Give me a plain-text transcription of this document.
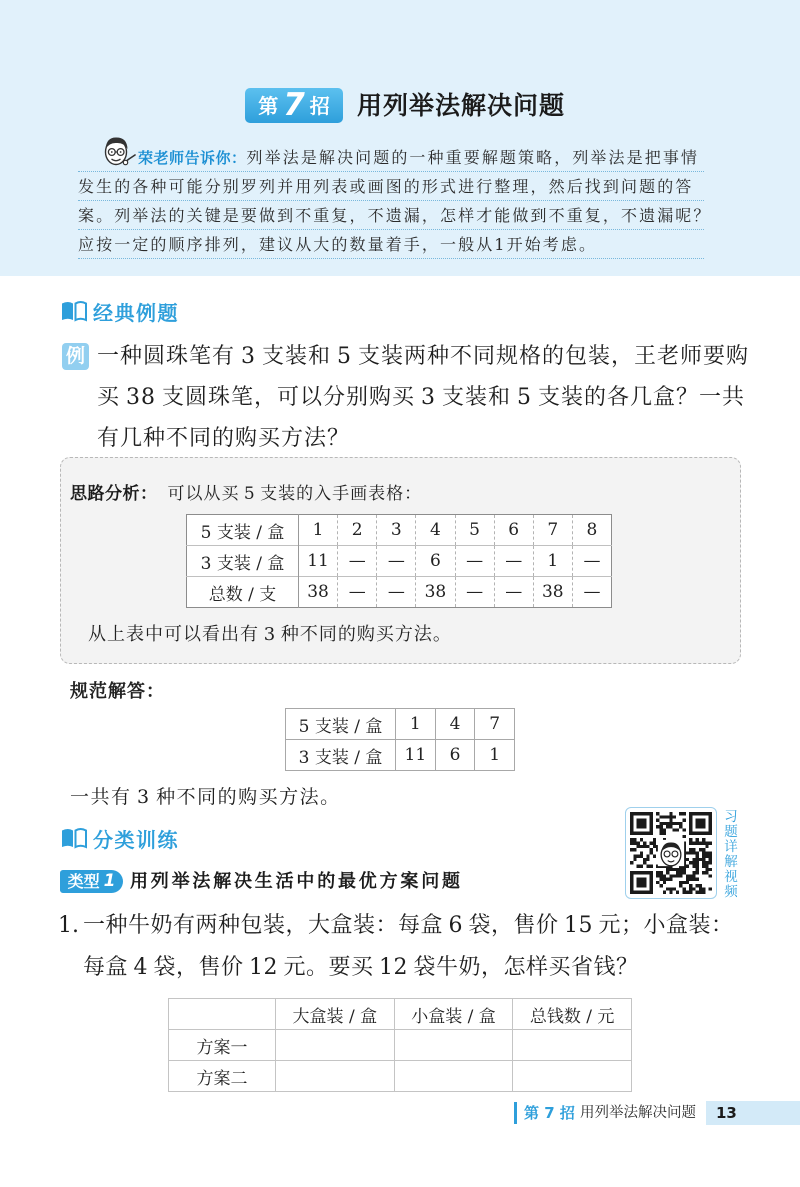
第 7 招 用列举法解决问题
荣老师告诉你：列举法是解决问题的一种重要解题策略，列举法是把事情
发生的各种可能分别罗列并用列表或画图的形式进行整理，然后找到问题的答
案。列举法的关键是要做到不重复，不遗漏，怎样才能做到不重复，不遗漏呢？
应按一定的顺序排列，建议从大的数量着手，一般从1开始考虑。
经典例题
例 一种圆珠笔有 3 支装和 5 支装两种不同规格的包装，王老师要购
买 38 支圆珠笔，可以分别购买 3 支装和 5 支装的各几盒？一共
有几种不同的购买方法？
思路分析： 可以从买 5 支装的入手画表格：
5 支装 / 盒	1	2	3	4	5	6	7	8
3 支装 / 盒	11	—	—	6	—	—	1	—
总数 / 支	38	—	—	38	—	—	38	—
从上表中可以看出有 3 种不同的购买方法。
规范解答：
5 支装 / 盒	1	4	7
3 支装 / 盒	11	6	1
一共有 3 种不同的购买方法。
分类训练	习题详解视频
类型 1 用列举法解决生活中的最优方案问题
1. 一种牛奶有两种包装，大盒装：每盒 6 袋，售价 15 元；小盒装：
每盒 4 袋，售价 12 元。要买 12 袋牛奶，怎样买省钱？
	大盒装 / 盒	小盒装 / 盒	总钱数 / 元
方案一			
方案二			
第 7 招 用列举法解决问题 13
